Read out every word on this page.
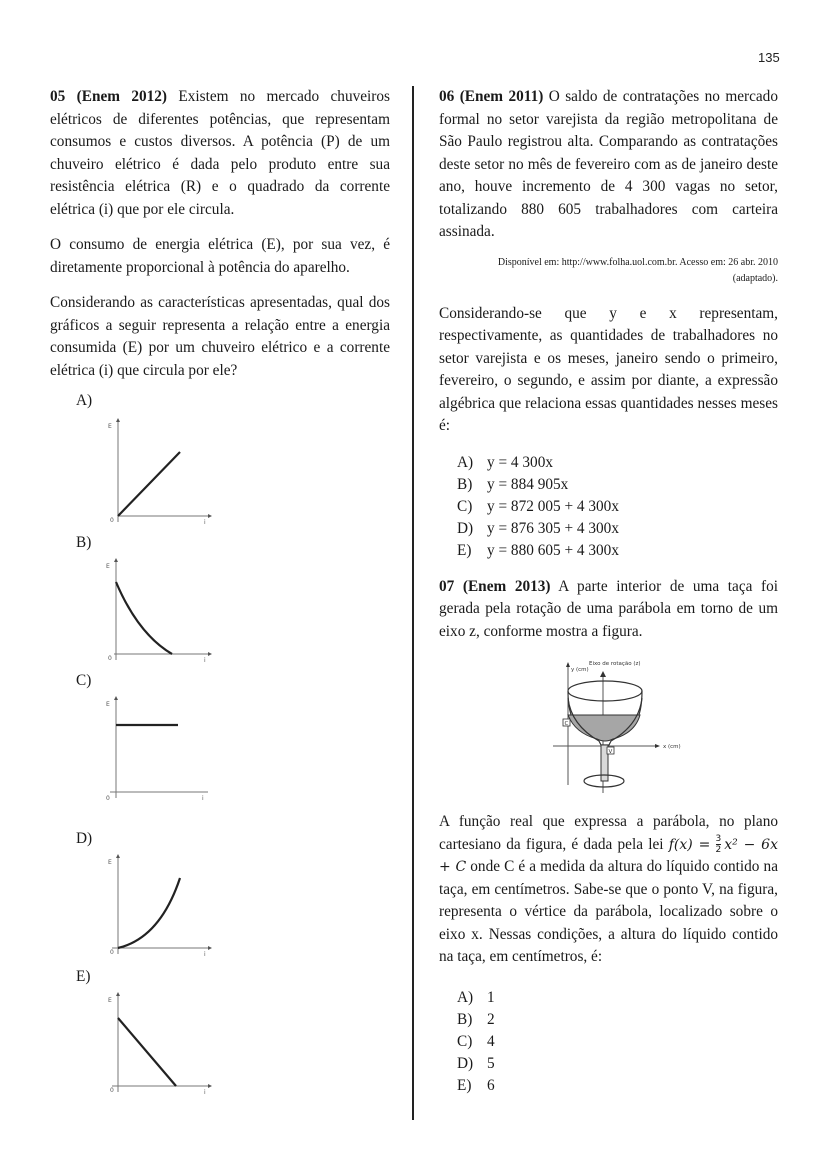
135

05 (Enem 2012) Existem no mercado chuveiros elétricos de diferentes potências, que representam consumos e custos diversos. A potência (P) de um chuveiro elétrico é dada pelo produto entre sua resistência elétrica (R) e o quadrado da corrente elétrica (i) que por ele circula.

O consumo de energia elétrica (E), por sua vez, é diretamente proporcional à potência do aparelho.

Considerando as características apresentadas, qual dos gráficos a seguir representa a relação entre a energia consumida (E) por um chuveiro elétrico e a corrente elétrica (i) que circula por ele?

A)
E
0	i
B)
E
0	i
C)
E
0	i
D)
E
0	i
E)
E
0	i

06 (Enem 2011) O saldo de contratações no mercado formal no setor varejista da região metropolitana de São Paulo registrou alta. Comparando as contratações deste setor no mês de fevereiro com as de janeiro deste ano, houve incremento de 4 300 vagas no setor, totalizando 880 605 trabalhadores com carteira assinada.

Disponível em: http://www.folha.uol.com.br. Acesso em: 26 abr. 2010
(adaptado).

Considerando-se que y e x representam, respectivamente, as quantidades de trabalhadores no setor varejista e os meses, janeiro sendo o primeiro, fevereiro, o segundo, e assim por diante, a expressão algébrica que relaciona essas quantidades nesses meses é:

A) y = 4 300x
B) y = 884 905x
C) y = 872 005 + 4 300x
D) y = 876 305 + 4 300x
E)	y = 880 605 + 4 300x

07 (Enem 2013) A parte interior de uma taça foi gerada pela rotação de uma parábola em torno de um eixo z, conforme mostra a figura.

Eixo de rotação (z)
y (cm)
x (cm)
C
V

A função real que expressa a parábola, no plano cartesiano da figura, é dada pela lei $f(x) = \frac{3}{2} x^2 - 6x + C$ onde C é a medida da altura do líquido contido na taça, em centímetros. Sabe-se que o ponto V, na figura, representa o vértice da parábola, localizado sobre o eixo x. Nessas condições, a altura do líquido contido na taça, em centímetros, é:

A) 1
B) 2
C) 4
D) 5
E)	6
